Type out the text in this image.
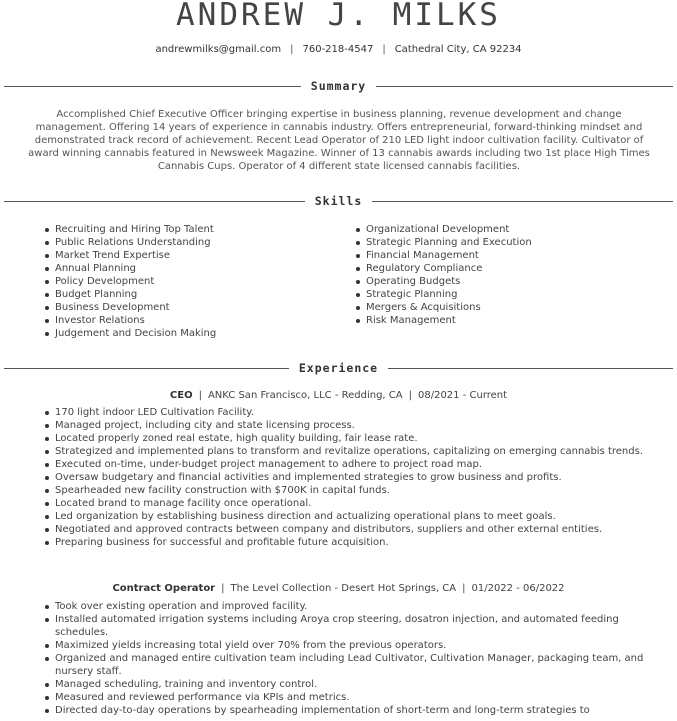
ANDREW J. MILKS
andrewmilks@gmail.com | 760-218-4547 | Cathedral City, CA 92234
Summary

Accomplished Chief Executive Officer bringing expertise in business planning, revenue development and change management. Offering 14 years of experience in cannabis industry. Offers entrepreneurial, forward-thinking mindset and demonstrated track record of achievement. Recent Lead Operator of 210 LED light indoor cultivation facility. Cultivator of award winning cannabis featured in Newsweek Magazine. Winner of 13 cannabis awards including two 1st place High Times Cannabis Cups. Operator of 4 different state licensed cannabis facilities.

Skills
Recruiting and Hiring Top Talent
Public Relations Understanding
Market Trend Expertise
Annual Planning
Policy Development
Budget Planning
Business Development
Investor Relations
Judgement and Decision Making
Organizational Development
Strategic Planning and Execution
Financial Management
Regulatory Compliance
Operating Budgets
Strategic Planning
Mergers & Acquisitions
Risk Management
Experience
CEO | ANKC San Francisco, LLC - Redding, CA | 08/2021 - Current
170 light indoor LED Cultivation Facility.
Managed project, including city and state licensing process.
Located properly zoned real estate, high quality building, fair lease rate.
Strategized and implemented plans to transform and revitalize operations, capitalizing on emerging cannabis trends.
Executed on-time, under-budget project management to adhere to project road map.
Oversaw budgetary and financial activities and implemented strategies to grow business and profits.
Spearheaded new facility construction with $700K in capital funds.
Located brand to manage facility once operational.
Led organization by establishing business direction and actualizing operational plans to meet goals.
Negotiated and approved contracts between company and distributors, suppliers and other external entities.
Preparing business for successful and profitable future acquisition.
Contract Operator | The Level Collection - Desert Hot Springs, CA | 01/2022 - 06/2022
Took over existing operation and improved facility.
Installed automated irrigation systems including Aroya crop steering, dosatron injection, and automated feeding schedules.
Maximized yields increasing total yield over 70% from the previous operators.
Organized and managed entire cultivation team including Lead Cultivator, Cultivation Manager, packaging team, and nursery staff.
Managed scheduling, training and inventory control.
Measured and reviewed performance via KPIs and metrics.
Directed day-to-day operations by spearheading implementation of short-term and long-term strategies to
